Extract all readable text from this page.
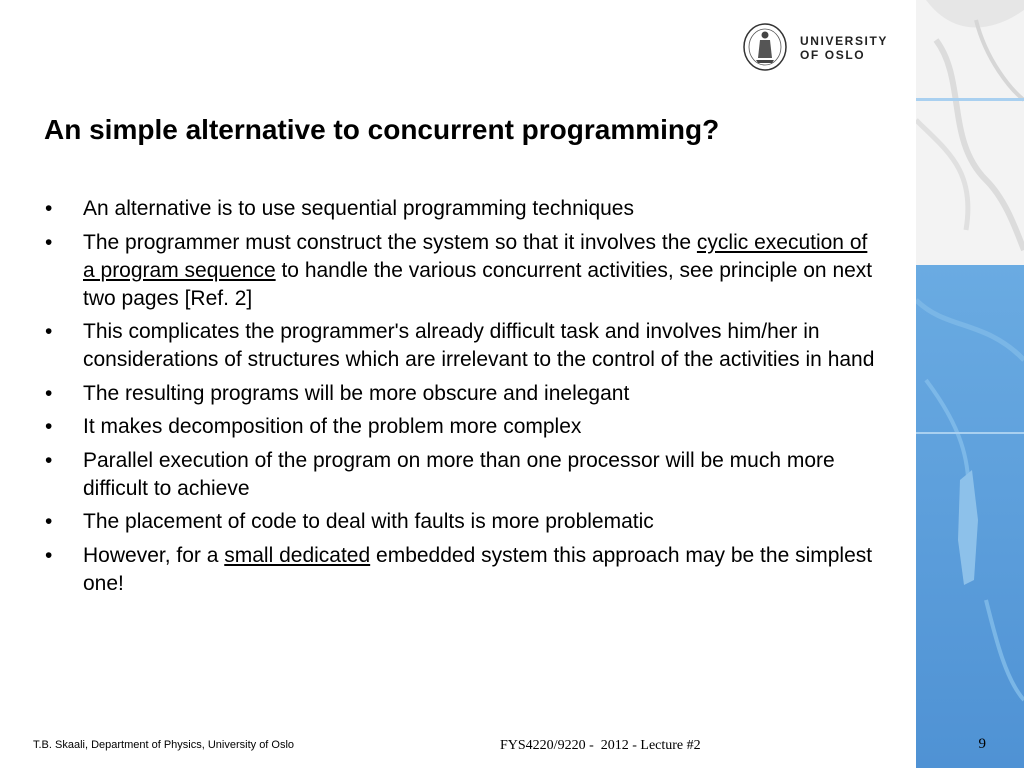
UNIVERSITY
OF OSLO
An simple alternative to concurrent programming?
• An alternative is to use sequential programming techniques
• The programmer must construct the system so that it involves the cyclic execution of a program sequence to handle the various concurrent activities, see principle on next two pages [Ref. 2]
• This complicates the programmer's already difficult task and involves him/her in considerations of structures which are irrelevant to the control of the activities in hand
• The resulting programs will be more obscure and inelegant
• It makes decomposition of the problem more complex
• Parallel execution of the program on more than one processor will be much more difficult to achieve
• The placement of code to deal with faults is more problematic
• However, for a small dedicated embedded system this approach may be the simplest one!
T.B. Skaali, Department of Physics, University of Oslo	FYS4220/9220 -  2012 - Lecture #2	9
